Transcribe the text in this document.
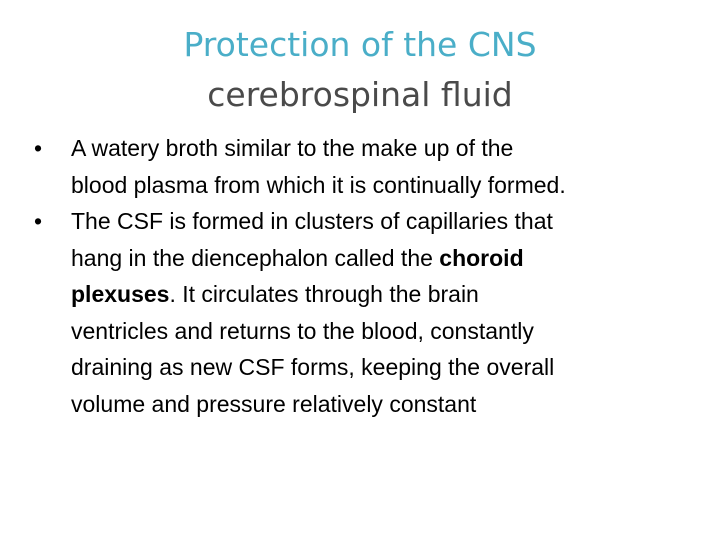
Protection of the CNS
cerebrospinal fluid
•	A watery broth similar to the make up of the
blood plasma from which it is continually formed.
•	The CSF is formed in clusters of capillaries that
hang in the diencephalon called the choroid
plexuses. It circulates through the brain
ventricles and returns to the blood, constantly
draining as new CSF forms, keeping the overall
volume and pressure relatively constant
